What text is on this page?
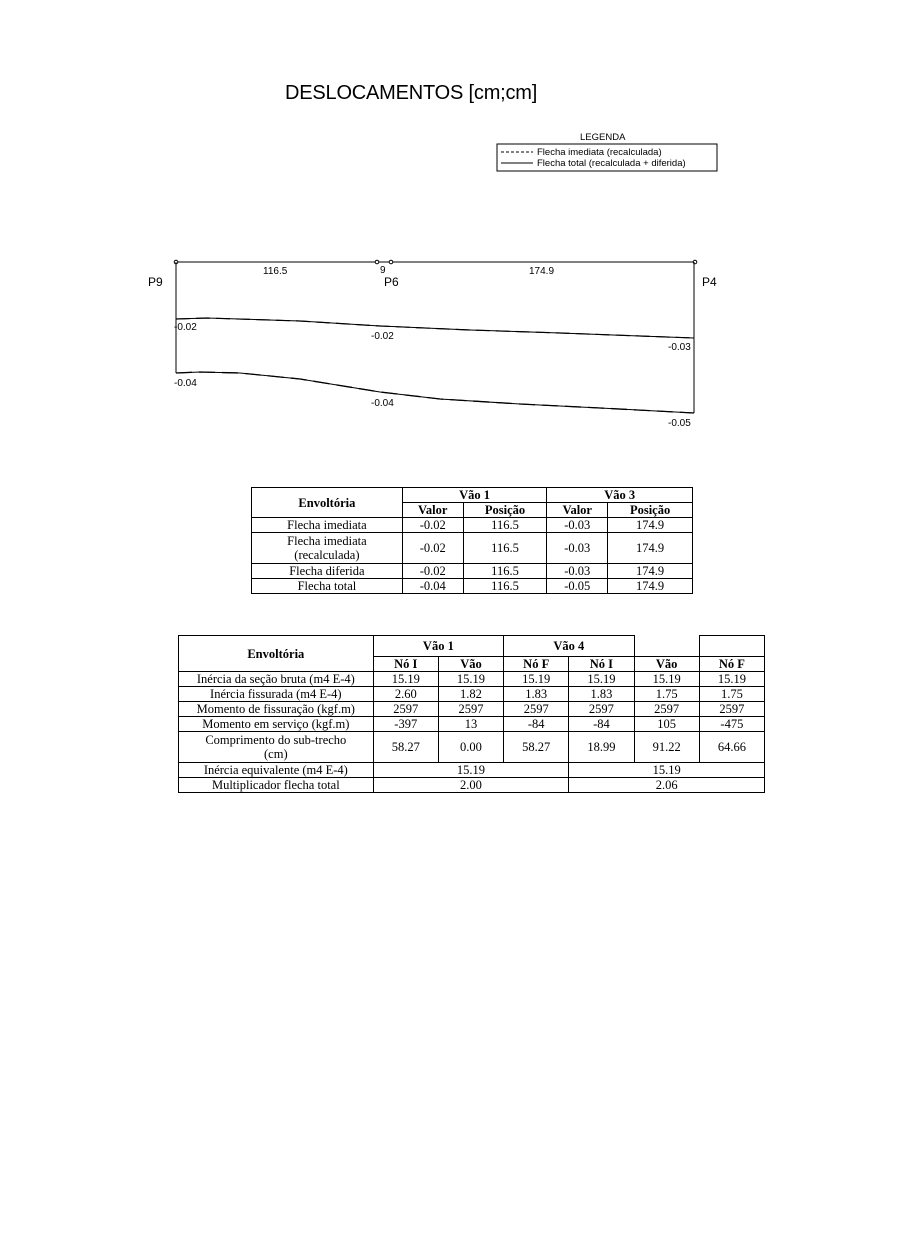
DESLOCAMENTOS [cm;cm]
LEGENDA
Flecha imediata (recalculada)
Flecha total (recalculada + diferida)
P9	P6	P4
116.5	9	174.9
-0.02
-0.02
-0.03
-0.04
-0.04
-0.05
Envoltória	Vão 1		Vão 3	
	Valor	Posição	Valor	Posição
Flecha imediata	-0.02	116.5	-0.03	174.9
Flecha imediata (recalculada)	-0.02	116.5	-0.03	174.9
Flecha diferida	-0.02	116.5	-0.03	174.9
Flecha total	-0.04	116.5	-0.05	174.9
Envoltória	Vão 1		Vão 4			
	Nó I	Vão	Nó F	Nó I	Vão	Nó F
Inércia da seção bruta (m4 E-4)	15.19	15.19	15.19	15.19	15.19	15.19
Inércia fissurada (m4 E-4)	2.60	1.82	1.83	1.83	1.75	1.75
Momento de fissuração (kgf.m)	2597	2597	2597	2597	2597	2597
Momento em serviço (kgf.m)	-397	13	-84	-84	105	-475
Comprimento do sub-trecho (cm)	58.27	0.00	58.27	18.99	91.22	64.66
Inércia equivalente (m4 E-4)	15.19			15.19		
Multiplicador flecha total	2.00			2.06		
